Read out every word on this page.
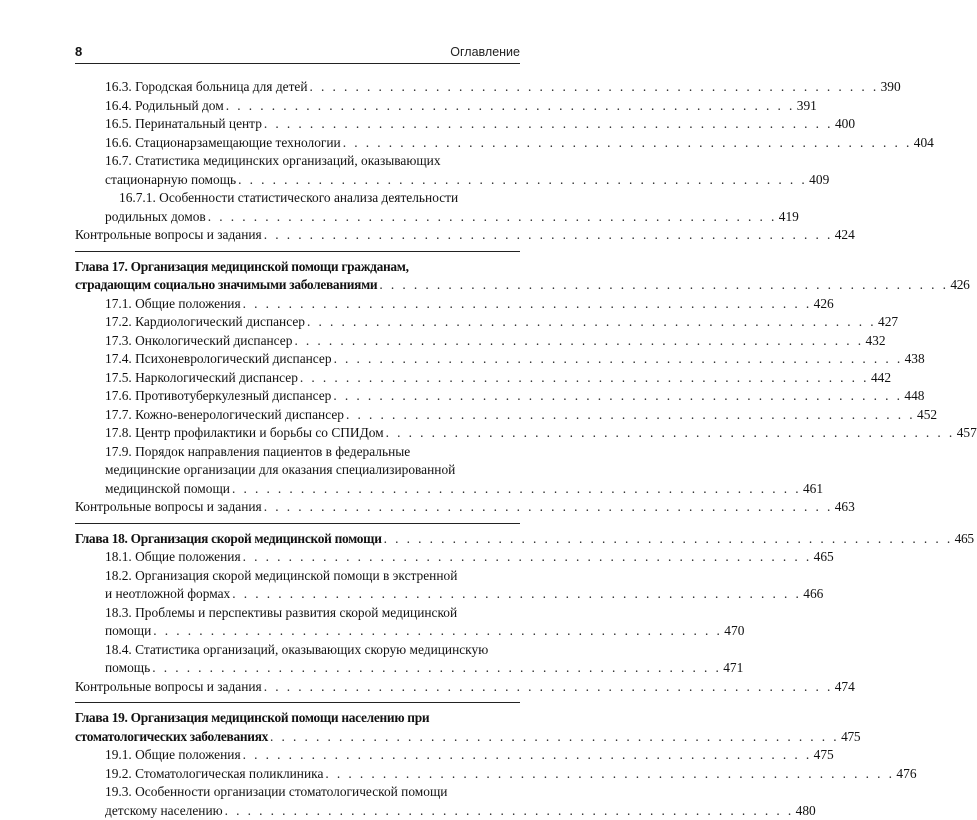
8	Оглавление
16.3. Городская больница для детей . . . . . . . . . . . . . . . . . . . . . . . . . . . . . . . . . . . . . . . . . . . . . . . . . . 390
16.4. Родильный дом . . . . . . . . . . . . . . . . . . . . . . . . . . . . . . . . . . . . . . . . . . . . . . . . . . 391
16.5. Перинатальный центр . . . . . . . . . . . . . . . . . . . . . . . . . . . . . . . . . . . . . . . . . . . . . . . . . . 400
16.6. Стационарзамещающие технологии . . . . . . . . . . . . . . . . . . . . . . . . . . . . . . . . . . . . . . . . . . . . . . . . . . 404
16.7. Статистика медицинских организаций, оказывающих
стационарную помощь . . . . . . . . . . . . . . . . . . . . . . . . . . . . . . . . . . . . . . . . . . . . . . . . . . 409
16.7.1. Особенности статистического анализа деятельности
родильных домов . . . . . . . . . . . . . . . . . . . . . . . . . . . . . . . . . . . . . . . . . . . . . . . . . . 419
Контрольные вопросы и задания . . . . . . . . . . . . . . . . . . . . . . . . . . . . . . . . . . . . . . . . . . . . . . . . . . 424
Глава 17. Организация медицинской помощи гражданам,
страдающим социально значимыми заболеваниями . . . . . . . . . . . . . . . . . . . . . . . . . . . . . . . . . . . . . . . . . . . . . . . . . . 426
17.1. Общие положения . . . . . . . . . . . . . . . . . . . . . . . . . . . . . . . . . . . . . . . . . . . . . . . . . . 426
17.2. Кардиологический диспансер . . . . . . . . . . . . . . . . . . . . . . . . . . . . . . . . . . . . . . . . . . . . . . . . . . 427
17.3. Онкологический диспансер . . . . . . . . . . . . . . . . . . . . . . . . . . . . . . . . . . . . . . . . . . . . . . . . . . 432
17.4. Психоневрологический диспансер . . . . . . . . . . . . . . . . . . . . . . . . . . . . . . . . . . . . . . . . . . . . . . . . . . 438
17.5. Наркологический диспансер . . . . . . . . . . . . . . . . . . . . . . . . . . . . . . . . . . . . . . . . . . . . . . . . . . 442
17.6. Противотуберкулезный диспансер . . . . . . . . . . . . . . . . . . . . . . . . . . . . . . . . . . . . . . . . . . . . . . . . . . 448
17.7. Кожно-венерологический диспансер . . . . . . . . . . . . . . . . . . . . . . . . . . . . . . . . . . . . . . . . . . . . . . . . . . 452
17.8. Центр профилактики и борьбы со СПИДом . . . . . . . . . . . . . . . . . . . . . . . . . . . . . . . . . . . . . . . . . . . . . . . . . . 457
17.9. Порядок направления пациентов в федеральные
медицинские организации для оказания специализированной
медицинской помощи . . . . . . . . . . . . . . . . . . . . . . . . . . . . . . . . . . . . . . . . . . . . . . . . . . 461
Контрольные вопросы и задания . . . . . . . . . . . . . . . . . . . . . . . . . . . . . . . . . . . . . . . . . . . . . . . . . . 463
Глава 18. Организация скорой медицинской помощи . . . . . . . . . . . . . . . . . . . . . . . . . . . . . . . . . . . . . . . . . . . . . . . . . . 465
18.1. Общие положения . . . . . . . . . . . . . . . . . . . . . . . . . . . . . . . . . . . . . . . . . . . . . . . . . . 465
18.2. Организация скорой медицинской помощи в экстренной
и неотложной формах . . . . . . . . . . . . . . . . . . . . . . . . . . . . . . . . . . . . . . . . . . . . . . . . . . 466
18.3. Проблемы и перспективы развития скорой медицинской
помощи . . . . . . . . . . . . . . . . . . . . . . . . . . . . . . . . . . . . . . . . . . . . . . . . . . 470
18.4. Статистика организаций, оказывающих скорую медицинскую
помощь . . . . . . . . . . . . . . . . . . . . . . . . . . . . . . . . . . . . . . . . . . . . . . . . . . 471
Контрольные вопросы и задания . . . . . . . . . . . . . . . . . . . . . . . . . . . . . . . . . . . . . . . . . . . . . . . . . . 474
Глава 19. Организация медицинской помощи населению при
стоматологических заболеваниях . . . . . . . . . . . . . . . . . . . . . . . . . . . . . . . . . . . . . . . . . . . . . . . . . . 475
19.1. Общие положения . . . . . . . . . . . . . . . . . . . . . . . . . . . . . . . . . . . . . . . . . . . . . . . . . . 475
19.2. Стоматологическая поликлиника . . . . . . . . . . . . . . . . . . . . . . . . . . . . . . . . . . . . . . . . . . . . . . . . . . 476
19.3. Особенности организации стоматологической помощи
детскому населению . . . . . . . . . . . . . . . . . . . . . . . . . . . . . . . . . . . . . . . . . . . . . . . . . . 480
